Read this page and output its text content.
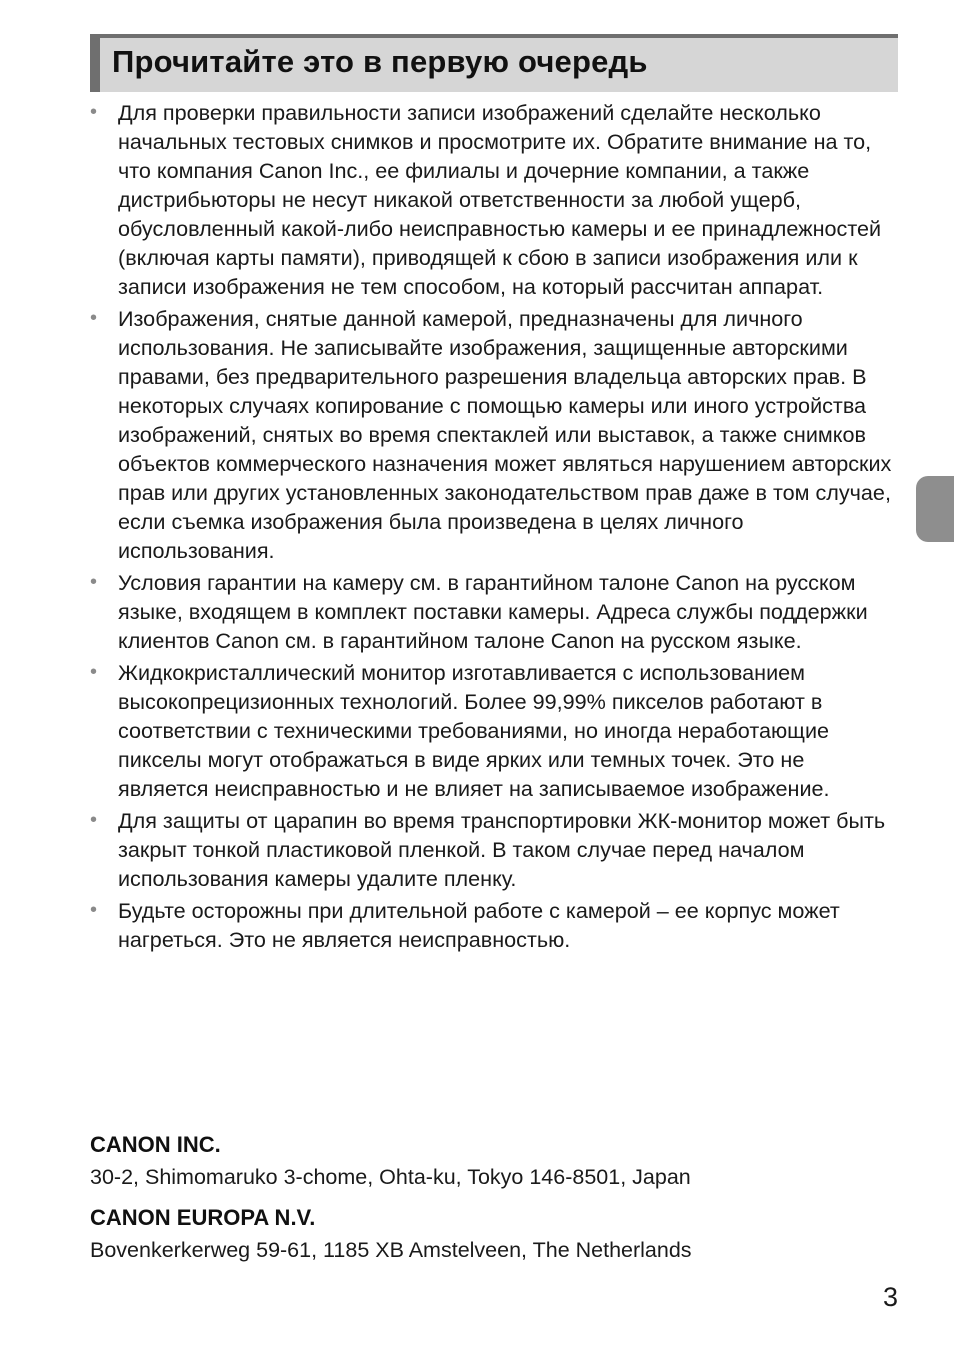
Прочитайте это в первую очередь
• Для проверки правильности записи изображений сделайте несколько начальных тестовых снимков и просмотрите их. Обратите внимание на то, что компания Canon Inc., ее филиалы и дочерние компании, а также дистрибьюторы не несут никакой ответственности за любой ущерб, обусловленный какой-либо неисправностью камеры и ее принадлежностей (включая карты памяти), приводящей к сбою в записи изображения или к записи изображения не тем способом, на который рассчитан аппарат.
• Изображения, снятые данной камерой, предназначены для личного использования. Не записывайте изображения, защищенные авторскими правами, без предварительного разрешения владельца авторских прав. В некоторых случаях копирование с помощью камеры или иного устройства изображений, снятых во время спектаклей или выставок, а также снимков объектов коммерческого назначения может являться нарушением авторских прав или других установленных законодательством прав даже в том случае, если съемка изображения была произведена в целях личного использования.
• Условия гарантии на камеру см. в гарантийном талоне Canon на русском языке, входящем в комплект поставки камеры. Адреса службы поддержки клиентов Canon см. в гарантийном талоне Canon на русском языке.
• Жидкокристаллический монитор изготавливается с использованием высокопрецизионных технологий. Более 99,99% пикселов работают в соответствии с техническими требованиями, но иногда неработающие пикселы могут отображаться в виде ярких или темных точек. Это не является неисправностью и не влияет на записываемое изображение.
• Для защиты от царапин во время транспортировки ЖК-монитор может быть закрыт тонкой пластиковой пленкой. В таком случае перед началом использования камеры удалите пленку.
• Будьте осторожны при длительной работе с камерой – ее корпус может нагреться. Это не является неисправностью.
CANON INC.
30-2, Shimomaruko 3-chome, Ohta-ku, Tokyo 146-8501, Japan
CANON EUROPA N.V.
Bovenkerkerweg 59-61, 1185 XB Amstelveen, The Netherlands
3
